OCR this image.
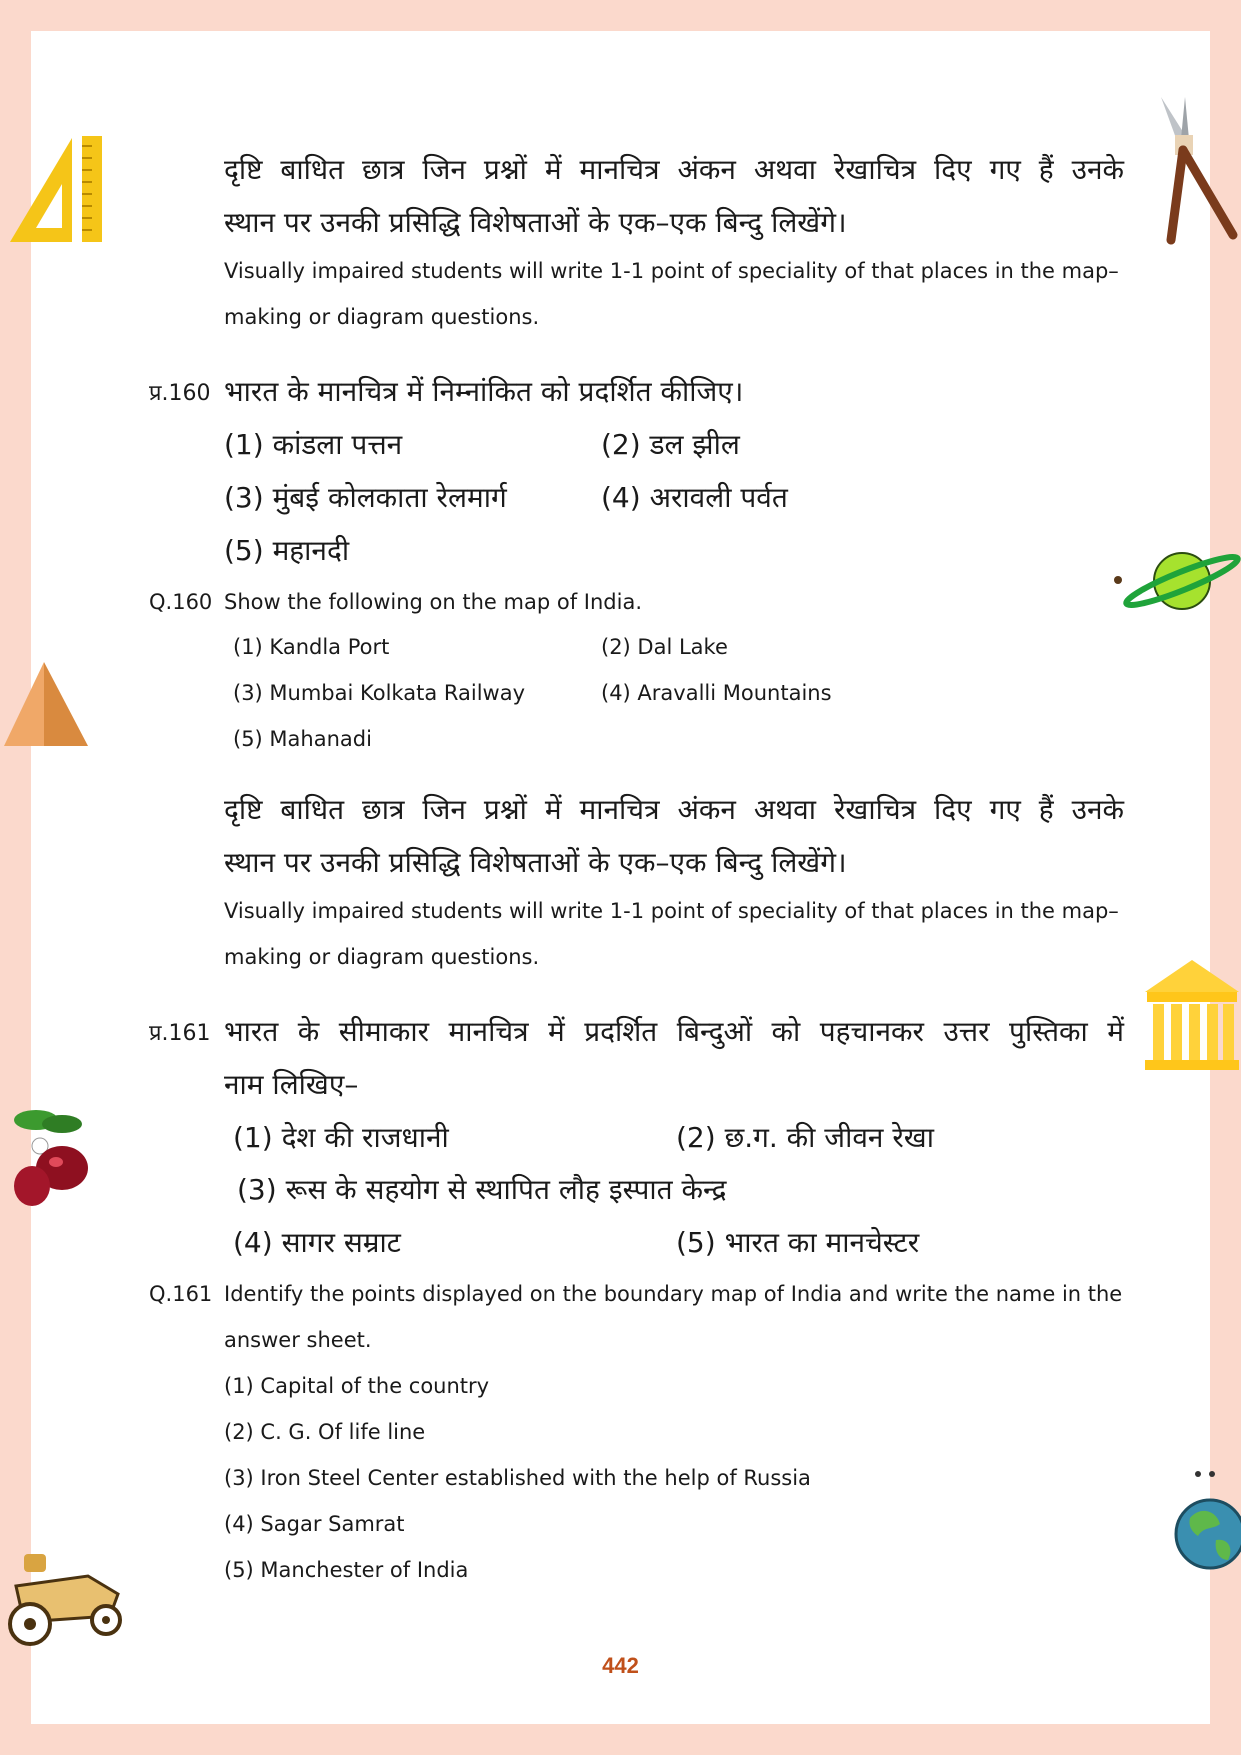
दृष्टि बाधित छात्र जिन प्रश्नों में मानचित्र अंकन अथवा रेखाचित्र दिए गए हैं उनके
स्थान पर उनकी प्रसिद्धि विशेषताओं के एक–एक बिन्दु लिखेंगे।
Visually impaired students will write 1-1 point of speciality of that places in the map–
making or diagram questions.
प्र.160 भारत के मानचित्र में निम्नांकित को प्रदर्शित कीजिए।
(1) कांडला पत्तन	(2) डल झील
(3) मुंबई कोलकाता रेलमार्ग	(4) अरावली पर्वत
(5) महानदी
Q.160 Show the following on the map of India.
(1) Kandla Port	(2) Dal Lake
(3) Mumbai Kolkata Railway	(4) Aravalli Mountains
(5) Mahanadi
दृष्टि बाधित छात्र जिन प्रश्नों में मानचित्र अंकन अथवा रेखाचित्र दिए गए हैं उनके
स्थान पर उनकी प्रसिद्धि विशेषताओं के एक–एक बिन्दु लिखेंगे।
Visually impaired students will write 1-1 point of speciality of that places in the map–
making or diagram questions.
प्र.161 भारत के सीमाकार मानचित्र में प्रदर्शित बिन्दुओं को पहचानकर उत्तर पुस्तिका में
नाम लिखिए–
(1) देश की राजधानी	(2) छ.ग. की जीवन रेखा
(3) रूस के सहयोग से स्थापित लौह इस्पात केन्द्र
(4) सागर सम्राट	(5) भारत का मानचेस्टर
Q.161 Identify the points displayed on the boundary map of India and write the name in the
answer sheet.
(1) Capital of the country
(2) C. G. Of life line
(3) Iron Steel Center established with the help of Russia
(4) Sagar Samrat
(5) Manchester of India
442
